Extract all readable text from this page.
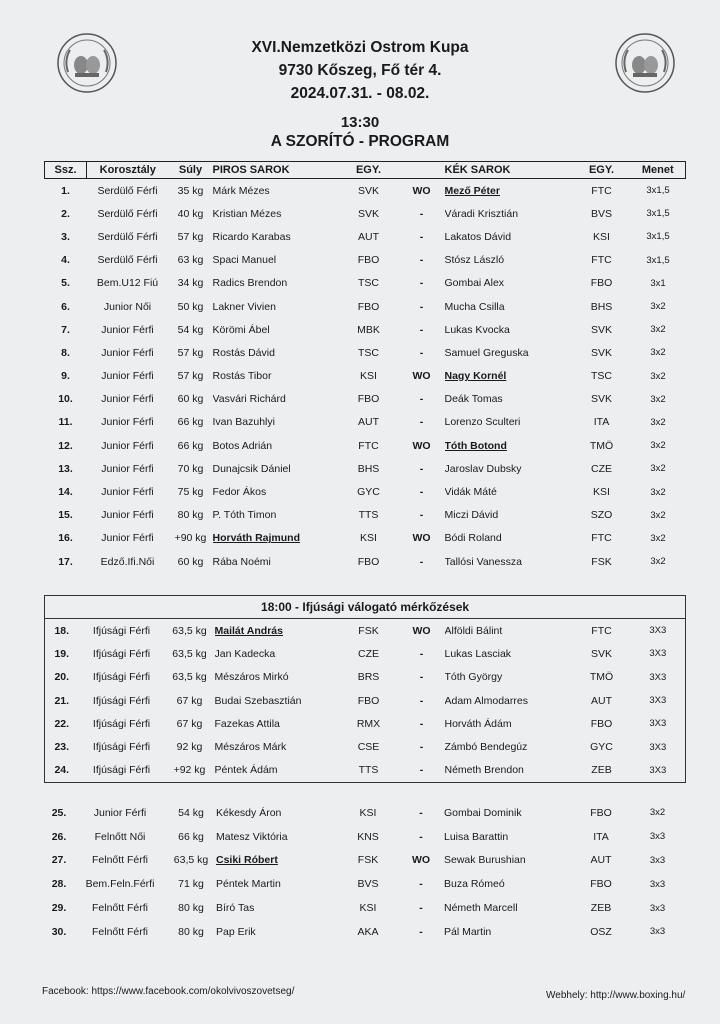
XVI.Nemzetközi Ostrom Kupa
9730 Kőszeg, Fő tér 4.
2024.07.31. - 08.02.
13:30
A SZORÍTÓ - PROGRAM
Ssz.	Korosztály	Súly	PIROS SAROK	EGY.		KÉK SAROK	EGY.	Menet
1.	Serdülő Férfi	35 kg	Márk Mézes	SVK	WO	Mező Péter	FTC	3x1,5
2.	Serdülő Férfi	40 kg	Kristian Mézes	SVK	-	Váradi Krisztián	BVS	3x1,5
3.	Serdülő Férfi	57 kg	Ricardo Karabas	AUT	-	Lakatos Dávid	KSI	3x1,5
4.	Serdülő Férfi	63 kg	Spaci Manuel	FBO	-	Stósz László	FTC	3x1,5
5.	Bem.U12 Fiú	34 kg	Radics Brendon	TSC	-	Gombai Alex	FBO	3x1
6.	Junior Női	50 kg	Lakner Vivien	FBO	-	Mucha Csilla	BHS	3x2
7.	Junior Férfi	54 kg	Körömi Ábel	MBK	-	Lukas Kvocka	SVK	3x2
8.	Junior Férfi	57 kg	Rostás Dávid	TSC	-	Samuel Greguska	SVK	3x2
9.	Junior Férfi	57 kg	Rostás Tibor	KSI	WO	Nagy Kornél	TSC	3x2
10.	Junior Férfi	60 kg	Vasvári Richárd	FBO	-	Deák Tomas	SVK	3x2
11.	Junior Férfi	66 kg	Ivan Bazuhlyi	AUT	-	Lorenzo Sculteri	ITA	3x2
12.	Junior Férfi	66 kg	Botos Adrián	FTC	WO	Tóth Botond	TMÖ	3x2
13.	Junior Férfi	70 kg	Dunajcsik Dániel	BHS	-	Jaroslav Dubsky	CZE	3x2
14.	Junior Férfi	75 kg	Fedor Ákos	GYC	-	Vidák Máté	KSI	3x2
15.	Junior Férfi	80 kg	P. Tóth Timon	TTS	-	Miczi Dávid	SZO	3x2
16.	Junior Férfi	+90 kg	Horváth Rajmund	KSI	WO	Bódi Roland	FTC	3x2
17.	Edző.Ifi.Női	60 kg	Rába Noémi	FBO	-	Tallósi Vanessza	FSK	3x2
18:00 - Ifjúsági válogató mérkőzések								
18.	Ifjúsági Férfi	63,5 kg	Mailát András	FSK	WO	Alföldi Bálint	FTC	3X3
19.	Ifjúsági Férfi	63,5 kg	Jan Kadecka	CZE	-	Lukas Lasciak	SVK	3X3
20.	Ifjúsági Férfi	63,5 kg	Mészáros Mirkó	BRS	-	Tóth György	TMÖ	3X3
21.	Ifjúsági Férfi	67 kg	Budai Szebasztián	FBO	-	Adam Almodarres	AUT	3X3
22.	Ifjúsági Férfi	67 kg	Fazekas Attila	RMX	-	Horváth Ádám	FBO	3X3
23.	Ifjúsági Férfi	92 kg	Mészáros Márk	CSE	-	Zámbó Bendegúz	GYC	3X3
24.	Ifjúsági Férfi	+92 kg	Péntek Ádám	TTS	-	Németh Brendon	ZEB	3X3
25.	Junior Férfi	54 kg	Kékesdy Áron	KSI	-	Gombai Dominik	FBO	3x2
26.	Felnőtt Női	66 kg	Matesz Viktória	KNS	-	Luisa Barattin	ITA	3x3
27.	Felnőtt Férfi	63,5 kg	Csiki Róbert	FSK	WO	Sewak Burushian	AUT	3x3
28.	Bem.Feln.Férfi	71 kg	Péntek Martin	BVS	-	Buza Rómeó	FBO	3x3
29.	Felnőtt Férfi	80 kg	Bíró Tas	KSI	-	Németh Marcell	ZEB	3x3
30.	Felnőtt Férfi	80 kg	Pap Erik	AKA	-	Pál Martin	OSZ	3x3
Facebook: https://www.facebook.com/okolvivoszovetseg/	Webhely: http://www.boxing.hu/
